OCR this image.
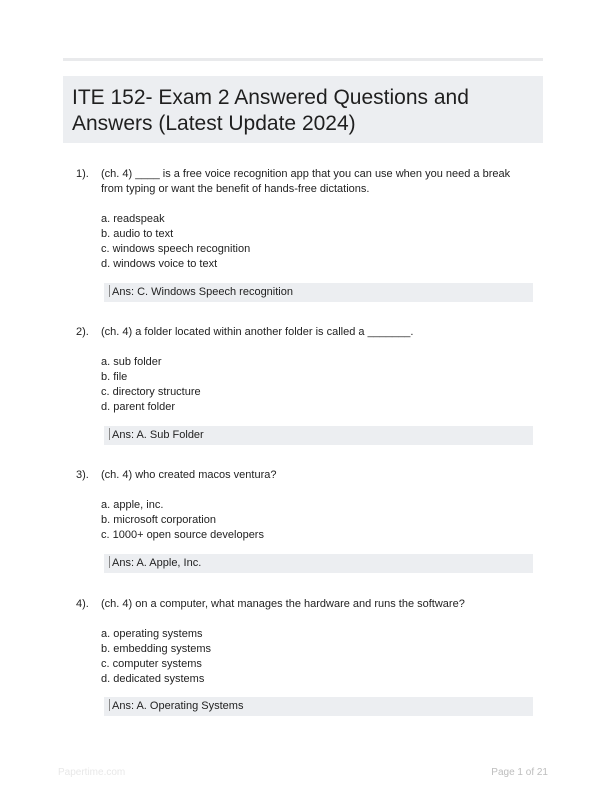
ITE 152- Exam 2 Answered Questions and Answers (Latest Update 2024)
1). (ch. 4) ____ is a free voice recognition app that you can use when you need a break from typing or want the benefit of hands-free dictations.
a. readspeak
b. audio to text
c. windows speech recognition
d. windows voice to text
Ans: C. Windows Speech recognition
2). (ch. 4) a folder located within another folder is called a _______.
a. sub folder
b. file
c. directory structure
d. parent folder
Ans: A. Sub Folder
3). (ch. 4) who created macos ventura?
a. apple, inc.
b. microsoft corporation
c. 1000+ open source developers
Ans: A. Apple, Inc.
4). (ch. 4) on a computer, what manages the hardware and runs the software?
a. operating systems
b. embedding systems
c. computer systems
d. dedicated systems
Ans: A. Operating Systems
Papertime.com	Page 1 of 21
